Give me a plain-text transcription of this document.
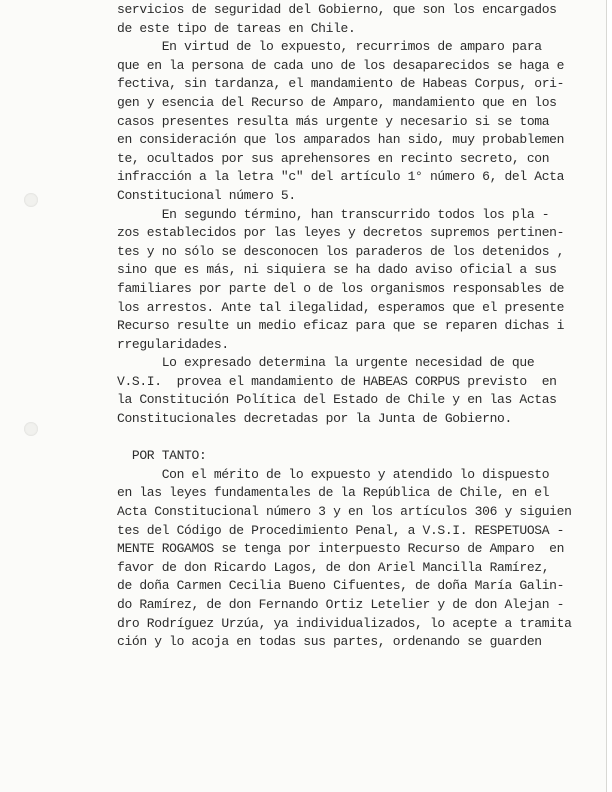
servicios de seguridad del Gobierno, que son los encargados
de este tipo de tareas en Chile.
En virtud de lo expuesto, recurrimos de amparo para
que en la persona de cada uno de los desaparecidos se haga e
fectiva, sin tardanza, el mandamiento de Habeas Corpus, ori-
gen y esencia del Recurso de Amparo, mandamiento que en los
casos presentes resulta más urgente y necesario si se toma
en consideración que los amparados han sido, muy probablemen
te, ocultados por sus aprehensores en recinto secreto, con
infracción a la letra "c" del artículo 1° número 6, del Acta
Constitucional número 5.
En segundo término, han transcurrido todos los pla -
zos establecidos por las leyes y decretos supremos pertinen-
tes y no sólo se desconocen los paraderos de los detenidos ,
sino que es más, ni siquiera se ha dado aviso oficial a sus
familiares por parte del o de los organismos responsables de
los arrestos. Ante tal ilegalidad, esperamos que el presente
Recurso resulte un medio eficaz para que se reparen dichas i
rregularidades.
Lo expresado determina la urgente necesidad de que
V.S.I.  provea el mandamiento de HABEAS CORPUS previsto  en
la Constitución Política del Estado de Chile y en las Actas
Constitucionales decretadas por la Junta de Gobierno.
POR TANTO:
Con el mérito de lo expuesto y atendido lo dispuesto
en las leyes fundamentales de la República de Chile, en el
Acta Constitucional número 3 y en los artículos 306 y siguien
tes del Código de Procedimiento Penal, a V.S.I. RESPETUOSA -
MENTE ROGAMOS se tenga por interpuesto Recurso de Amparo  en
favor de don Ricardo Lagos, de don Ariel Mancilla Ramírez,
de doña Carmen Cecilia Bueno Cifuentes, de doña María Galin-
do Ramírez, de don Fernando Ortiz Letelier y de don Alejan -
dro Rodríguez Urzúa, ya individualizados, lo acepte a tramita
ción y lo acoja en todas sus partes, ordenando se guarden
